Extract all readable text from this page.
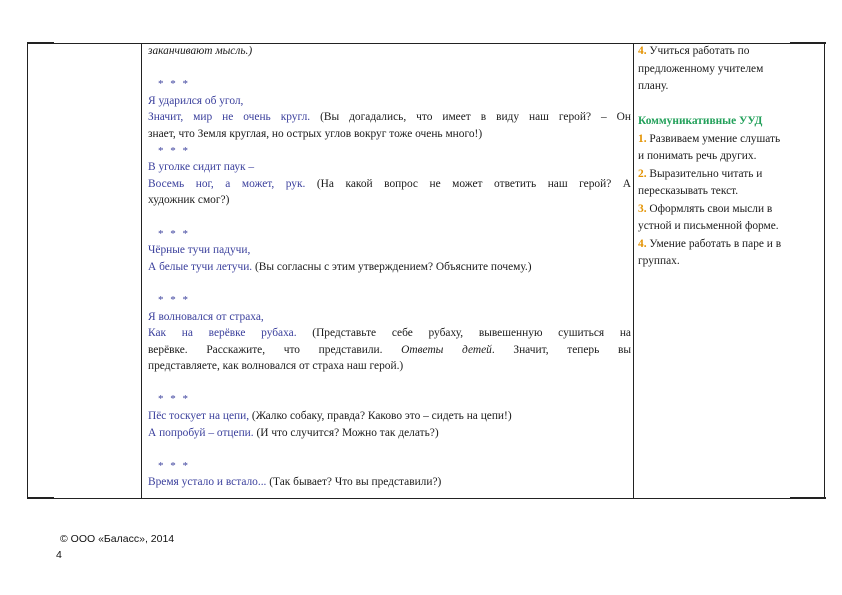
заканчивают мысль.)
* * *
Я ударился об угол,
Значит, мир не очень кругл. (Вы догадались, что имеет в виду наш герой? – Он
знает, что Земля круглая, но острых углов вокруг тоже очень много!)
* * *
В уголке сидит паук –
Восемь ног, а может, рук. (На какой вопрос не может ответить наш герой? А
художник смог?)
* * *
Чёрные тучи падучи,
А белые тучи летучи. (Вы согласны с этим утверждением? Объясните почему.)
* * *
Я волновался от страха,
Как на верёвке рубаха. (Представьте себе рубаху, вывешенную сушиться на
верёвке. Расскажите, что представили. Ответы детей. Значит, теперь вы
представляете, как волновался от страха наш герой.)
* * *
Пёс тоскует на цепи, (Жалко собаку, правда? Каково это – сидеть на цепи!)
А попробуй – отцепи. (И что случится? Можно так делать?)
* * *
Время устало и встало... (Так бывает? Что вы представили?)
4. Учиться работать по
предложенному учителем
плану.
Коммуникативные УУД
1. Развиваем умение слушать
и понимать речь других.
2. Выразительно читать и
пересказывать текст.
3. Оформлять свои мысли в
устной и письменной форме.
4. Умение работать в паре и в
группах.
© ООО «Баласс», 2014
4
